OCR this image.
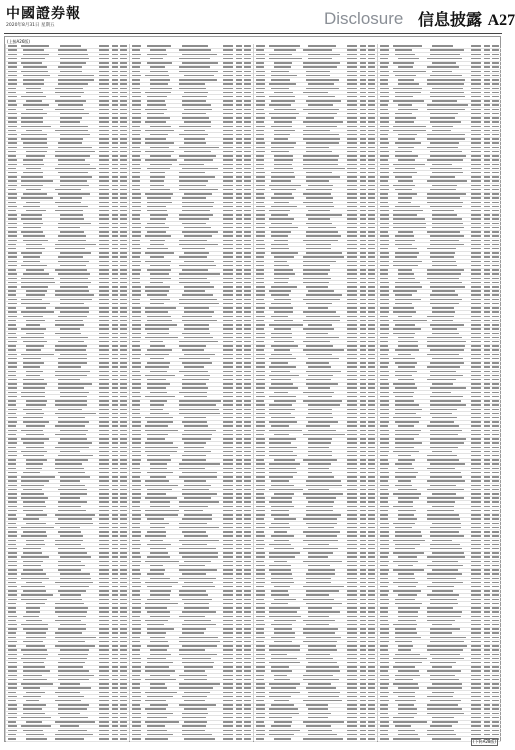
中國證券報
2020年8月31日 星期五	Disclosure 信息披露 A27
(上接A26版)
(下转A28版)
